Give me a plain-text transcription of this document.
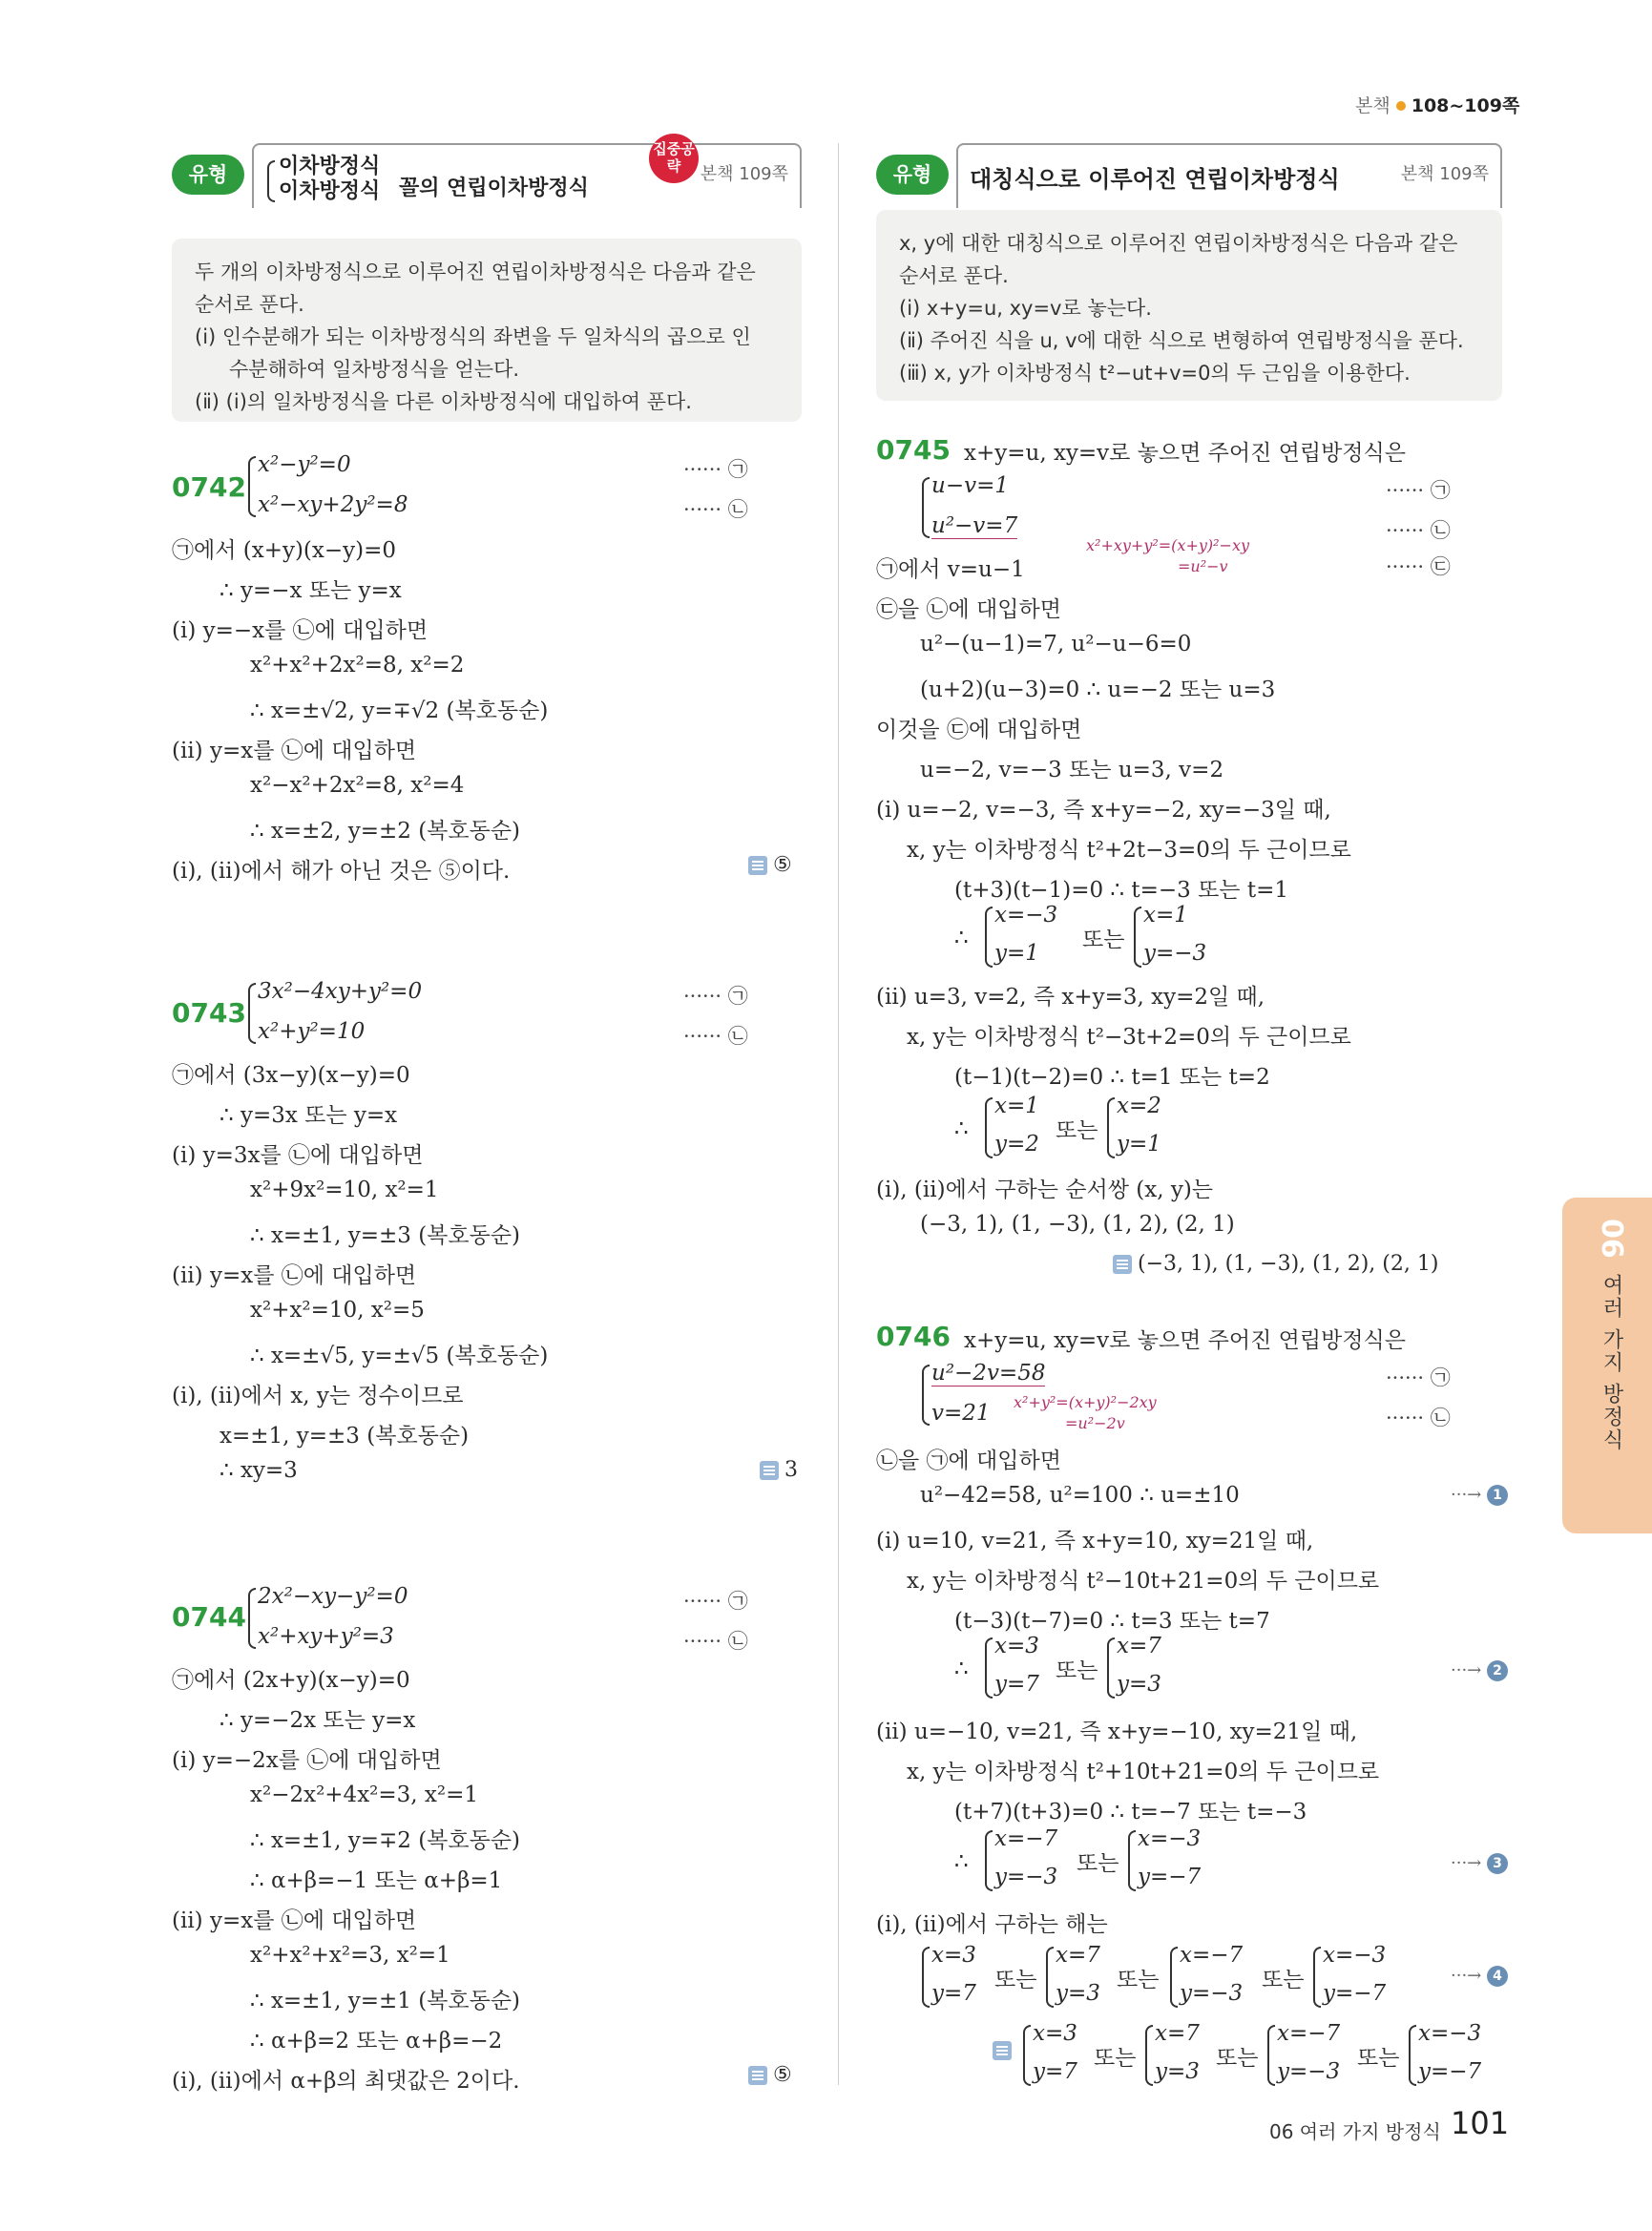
본책 108~109쪽
유형 13
이차방정식
이차방정식 꼴의 연립이차방정식
본책 109쪽
집중공략
두 개의 이차방정식으로 이루어진 연립이차방정식은 다음과 같은
순서로 푼다.
(ⅰ) 인수분해가 되는 이차방정식의 좌변을 두 일차식의 곱으로 인
수분해하여 일차방정식을 얻는다.
(ⅱ) (ⅰ)의 일차방정식을 다른 이차방정식에 대입하여 푼다.
유형	대칭식으로 이루어진 연립이차방정식	본책 109쪽
x, y에 대한 대칭식으로 이루어진 연립이차방정식은 다음과 같은
순서로 푼다.
(ⅰ) x+y=u, xy=v로 놓는다.
(ⅱ) 주어진 식을 u, v에 대한 식으로 변형하여 연립방정식을 푼다.
(ⅲ) x, y가 이차방정식 t²−ut+v=0의 두 근임을 이용한다.
0742
x²−y²=0
x²−xy+2y²=8
······ ㉠
······ ㉡
㉠에서 (x+y)(x−y)=0
∴ y=−x 또는 y=x
(ⅰ) y=−x를 ㉡에 대입하면
x²+x²+2x²=8, x²=2
∴ x=±√2, y=∓√2 (복호동순)
(ⅱ) y=x를 ㉡에 대입하면
x²−x²+2x²=8, x²=4
∴ x=±2, y=±2 (복호동순)
(ⅰ), (ⅱ)에서 해가 아닌 것은 ⑤이다.	⑤
0743
3x²−4xy+y²=0
x²+y²=10
······ ㉠
······ ㉡
㉠에서 (3x−y)(x−y)=0
∴ y=3x 또는 y=x
(ⅰ) y=3x를 ㉡에 대입하면
x²+9x²=10, x²=1
∴ x=±1, y=±3 (복호동순)
(ⅱ) y=x를 ㉡에 대입하면
x²+x²=10, x²=5
∴ x=±√5, y=±√5 (복호동순)
(ⅰ), (ⅱ)에서 x, y는 정수이므로
x=±1, y=±3 (복호동순)
∴ xy=3	3
0744
2x²−xy−y²=0
x²+xy+y²=3
······ ㉠
······ ㉡
㉠에서 (2x+y)(x−y)=0
∴ y=−2x 또는 y=x
(ⅰ) y=−2x를 ㉡에 대입하면
x²−2x²+4x²=3, x²=1
∴ x=±1, y=∓2 (복호동순)
∴ α+β=−1 또는 α+β=1
(ⅱ) y=x를 ㉡에 대입하면
x²+x²+x²=3, x²=1
∴ x=±1, y=±1 (복호동순)
∴ α+β=2 또는 α+β=−2
(ⅰ), (ⅱ)에서 α+β의 최댓값은 2이다.	⑤
0745 x+y=u, xy=v로 놓으면 주어진 연립방정식은
u−v=1
u²−v=7
x²+xy+y²=(x+y)²−xy
=u²−v
······ ㉠
······ ㉡
······ ㉢
㉠에서 v=u−1
㉢을 ㉡에 대입하면
u²−(u−1)=7, u²−u−6=0
(u+2)(u−3)=0 ∴ u=−2 또는 u=3
이것을 ㉢에 대입하면
u=−2, v=−3 또는 u=3, v=2
(ⅰ) u=−2, v=−3, 즉 x+y=−2, xy=−3일 때,
x, y는 이차방정식 t²+2t−3=0의 두 근이므로
(t+3)(t−1)=0 ∴ t=−3 또는 t=1
∴
x=−3
y=1
또는
x=1
y=−3
(ⅱ) u=3, v=2, 즉 x+y=3, xy=2일 때,
x, y는 이차방정식 t²−3t+2=0의 두 근이므로
(t−1)(t−2)=0 ∴ t=1 또는 t=2
∴
x=1
y=2
또는
x=2
y=1
(ⅰ), (ⅱ)에서 구하는 순서쌍 (x, y)는
(−3, 1), (1, −3), (1, 2), (2, 1)
(−3, 1), (1, −3), (1, 2), (2, 1)
0746 x+y=u, xy=v로 놓으면 주어진 연립방정식은
u²−2v=58
v=21 x²+y²=(x+y)²−2xy
=u²−2v
······ ㉠
······ ㉡
㉡을 ㉠에 대입하면
u²−42=58, u²=100 ∴ u=±10	···→ 1
(ⅰ) u=10, v=21, 즉 x+y=10, xy=21일 때,
x, y는 이차방정식 t²−10t+21=0의 두 근이므로
(t−3)(t−7)=0 ∴ t=3 또는 t=7
∴
x=3
y=7
또는
x=7
y=3
···→ 2
(ⅱ) u=−10, v=21, 즉 x+y=−10, xy=21일 때,
x, y는 이차방정식 t²+10t+21=0의 두 근이므로
(t+7)(t+3)=0 ∴ t=−7 또는 t=−3
∴
x=−7
y=−3
또는
x=−3
y=−7
···→ 3
(ⅰ), (ⅱ)에서 구하는 해는
x=3
y=7
또는
x=7
y=3
또는
x=−7
y=−3
또는
x=−3
y=−7
···→ 4
x=3
y=7
또는
x=7
y=3
또는
x=−7
y=−3
또는
x=−3
y=−7
06
여러 가지 방정식
06 여러 가지 방정식 101
